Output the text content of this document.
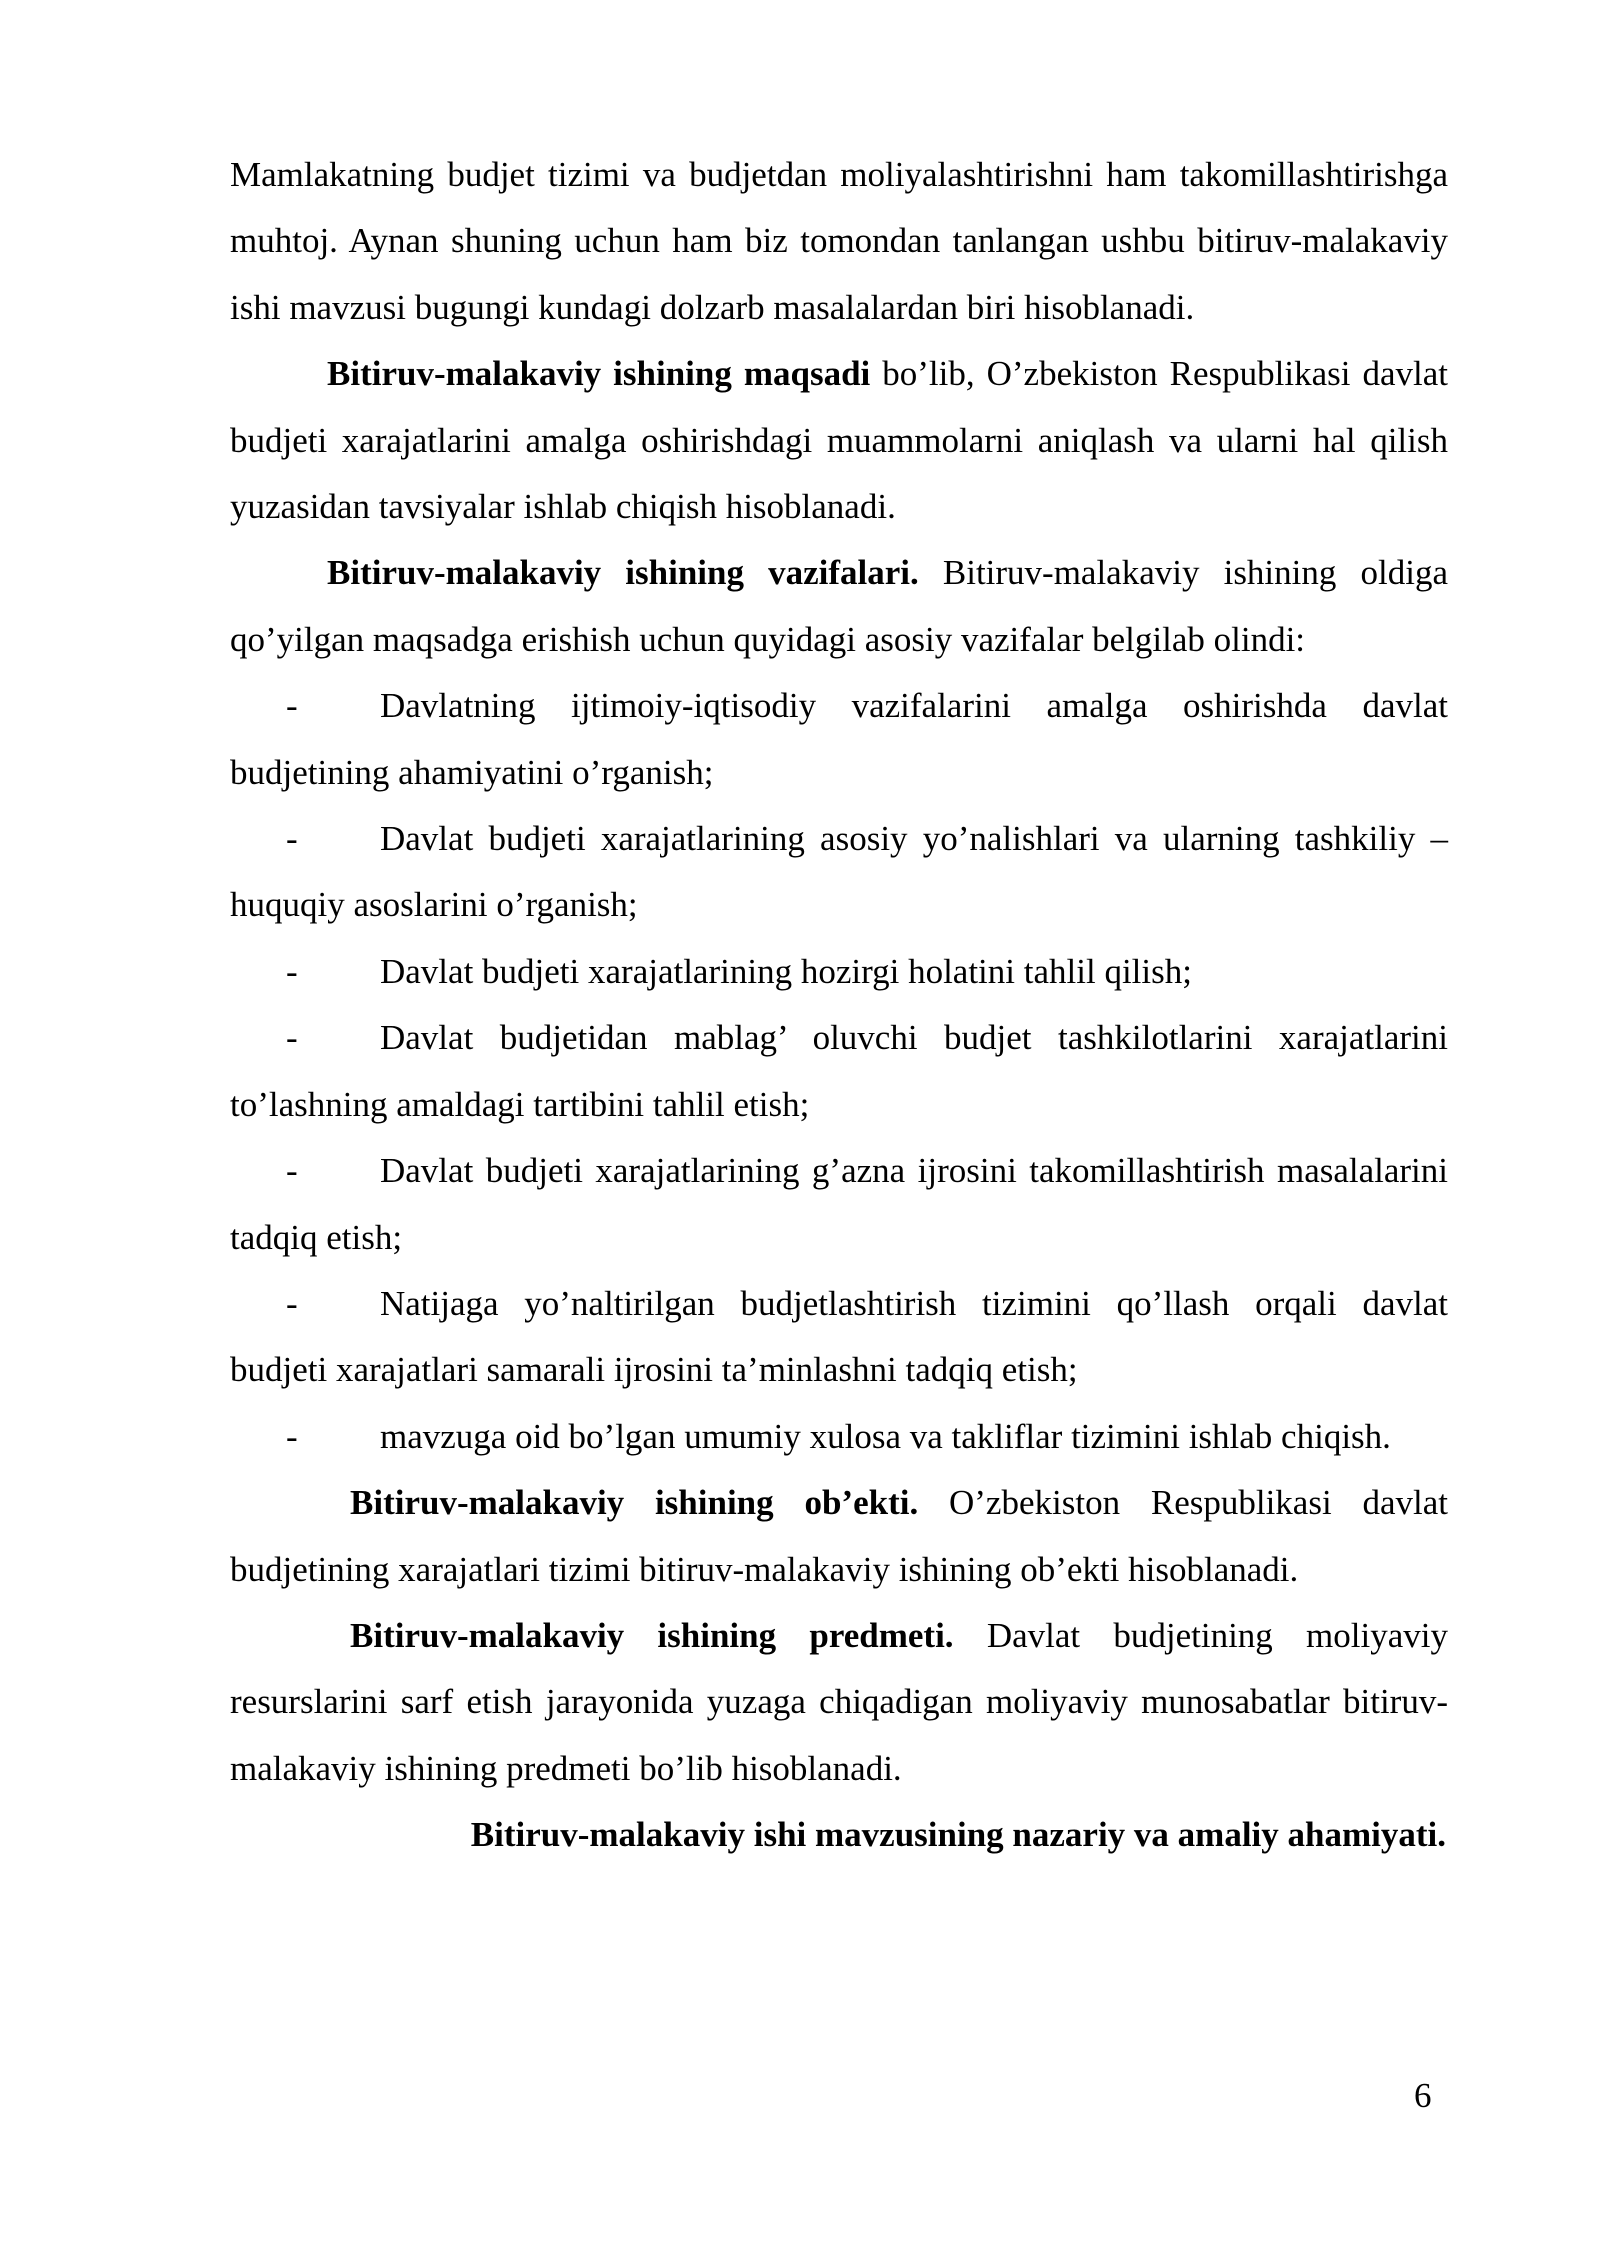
Mamlakatning budjet tizimi va budjetdan moliyalashtirishni ham takomillashtirishga muhtoj. Aynan shuning uchun ham biz tomondan tanlangan ushbu bitiruv-malakaviy ishi mavzusi bugungi kundagi dolzarb masalalardan biri hisoblanadi.

Bitiruv-malakaviy ishining maqsadi bo’lib, O’zbekiston Respublikasi davlat budjeti xarajatlarini amalga oshirishdagi muammolarni aniqlash va ularni hal qilish yuzasidan tavsiyalar ishlab chiqish hisoblanadi.

Bitiruv-malakaviy ishining vazifalari. Bitiruv-malakaviy ishining oldiga qo’yilgan maqsadga erishish uchun quyidagi asosiy vazifalar belgilab olindi:

-	Davlatning ijtimoiy-iqtisodiy vazifalarini amalga oshirishda davlat budjetining ahamiyatini o’rganish;

-	Davlat budjeti xarajatlarining asosiy yo’nalishlari va ularning tashkiliy – huquqiy asoslarini o’rganish;

-	Davlat budjeti xarajatlarining hozirgi holatini tahlil qilish;

-	Davlat budjetidan mablag’ oluvchi budjet tashkilotlarini xarajatlarini to’lashning amaldagi tartibini tahlil etish;

-	Davlat budjeti xarajatlarining g’azna ijrosini takomillashtirish masalalarini tadqiq etish;

-	Natijaga yo’naltirilgan budjetlashtirish tizimini qo’llash orqali davlat budjeti xarajatlari samarali ijrosini ta’minlashni tadqiq etish;

-	mavzuga oid bo’lgan umumiy xulosa va takliflar tizimini ishlab chiqish.

Bitiruv-malakaviy ishining ob’ekti. O’zbekiston Respublikasi davlat budjetining xarajatlari tizimi bitiruv-malakaviy ishining ob’ekti hisoblanadi.

Bitiruv-malakaviy ishining predmeti. Davlat budjetining moliyaviy resurslarini sarf etish jarayonida yuzaga chiqadigan moliyaviy munosabatlar bitiruv-malakaviy ishining predmeti bo’lib hisoblanadi.

Bitiruv-malakaviy ishi mavzusining nazariy va amaliy ahamiyati.

6
